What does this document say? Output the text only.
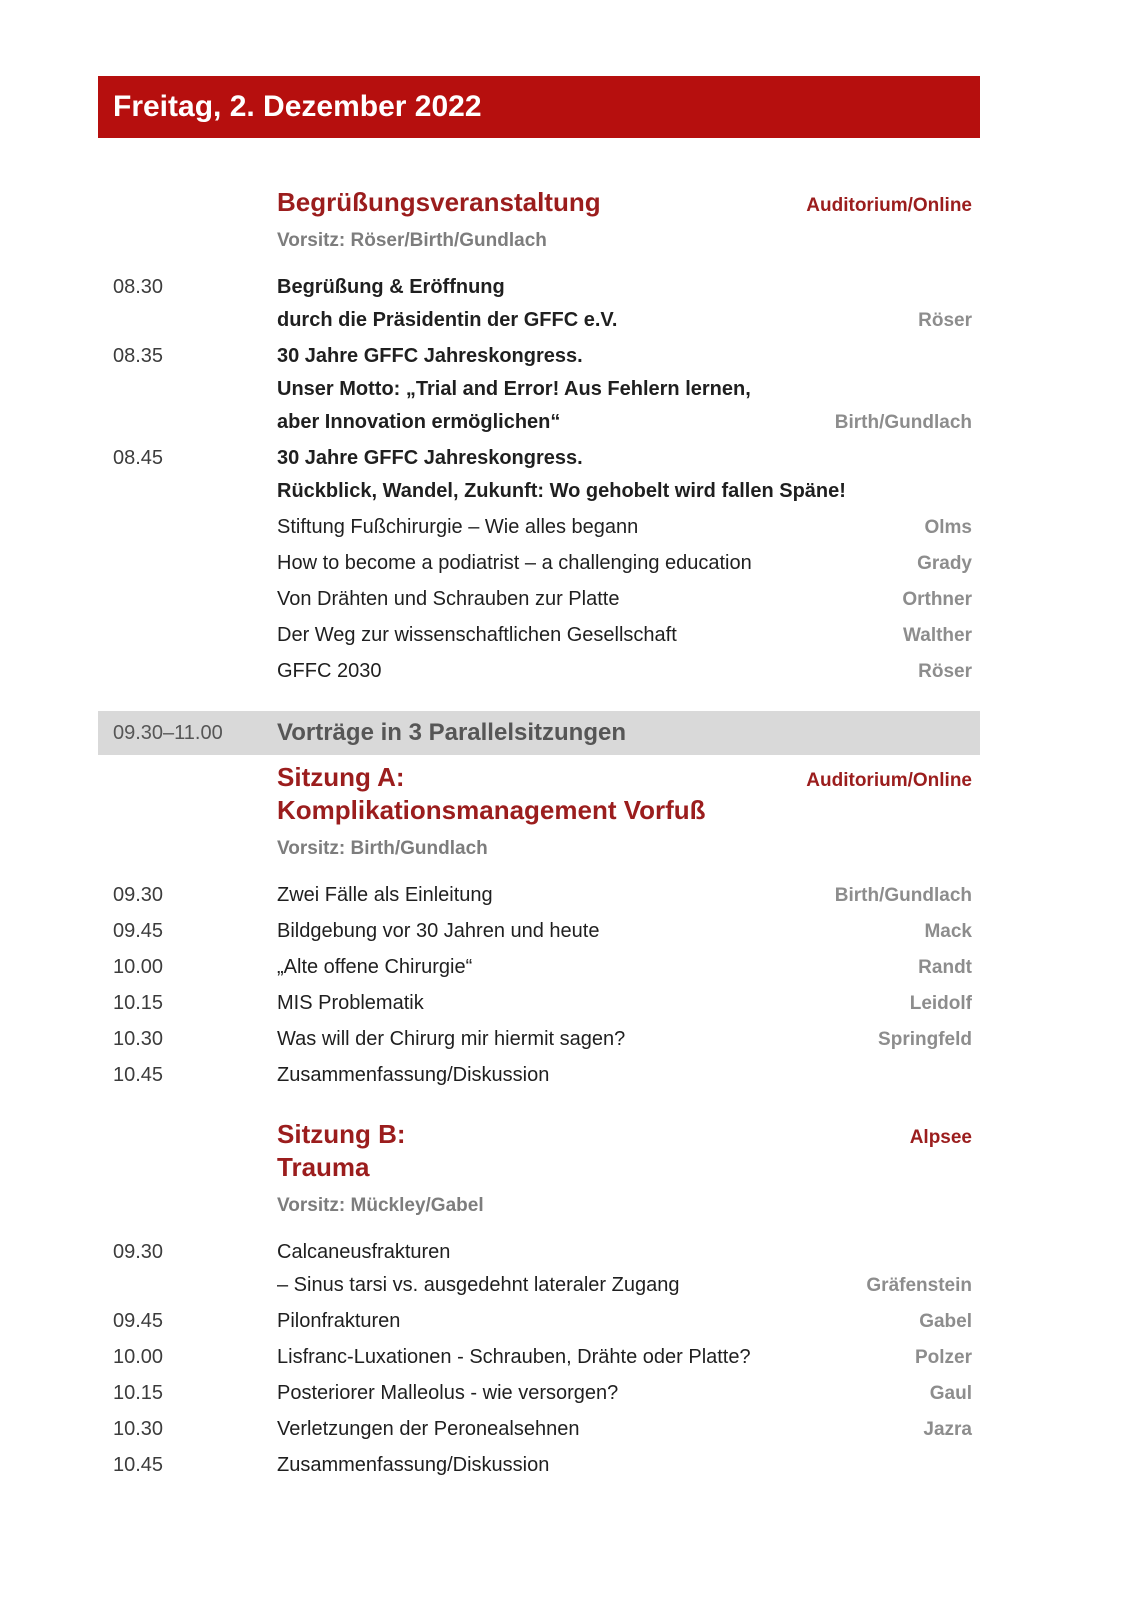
Freitag, 2. Dezember 2022
Begrüßungsveranstaltung
Vorsitz: Röser/Birth/Gundlach
Auditorium/Online
08.30	Begrüßung & Eröffnung
durch die Präsidentin der GFFC e.V.	Röser
08.35	30 Jahre GFFC Jahreskongress.
Unser Motto: „Trial and Error! Aus Fehlern lernen,
aber Innovation ermöglichen“	Birth/Gundlach
08.45	30 Jahre GFFC Jahreskongress.
Rückblick, Wandel, Zukunft: Wo gehobelt wird fallen Späne!
Stiftung Fußchirurgie – Wie alles begann	Olms
How to become a podiatrist – a challenging education	Grady
Von Drähten und Schrauben zur Platte	Orthner
Der Weg zur wissenschaftlichen Gesellschaft	Walther
GFFC 2030	Röser
09.30–11.00	Vorträge in 3 Parallelsitzungen
Sitzung A:
Komplikationsmanagement Vorfuß
Vorsitz: Birth/Gundlach
Auditorium/Online
09.30	Zwei Fälle als Einleitung	Birth/Gundlach
09.45	Bildgebung vor 30 Jahren und heute	Mack
10.00	„Alte offene Chirurgie“	Randt
10.15	MIS Problematik	Leidolf
10.30	Was will der Chirurg mir hiermit sagen?	Springfeld
10.45	Zusammenfassung/Diskussion
Sitzung B:
Trauma
Vorsitz: Mückley/Gabel
Alpsee
09.30	Calcaneusfrakturen
– Sinus tarsi vs. ausgedehnt lateraler Zugang	Gräfenstein
09.45	Pilonfrakturen	Gabel
10.00	Lisfranc-Luxationen - Schrauben, Drähte oder Platte?	Polzer
10.15	Posteriorer Malleolus - wie versorgen?	Gaul
10.30	Verletzungen der Peronealsehnen	Jazra
10.45	Zusammenfassung/Diskussion
